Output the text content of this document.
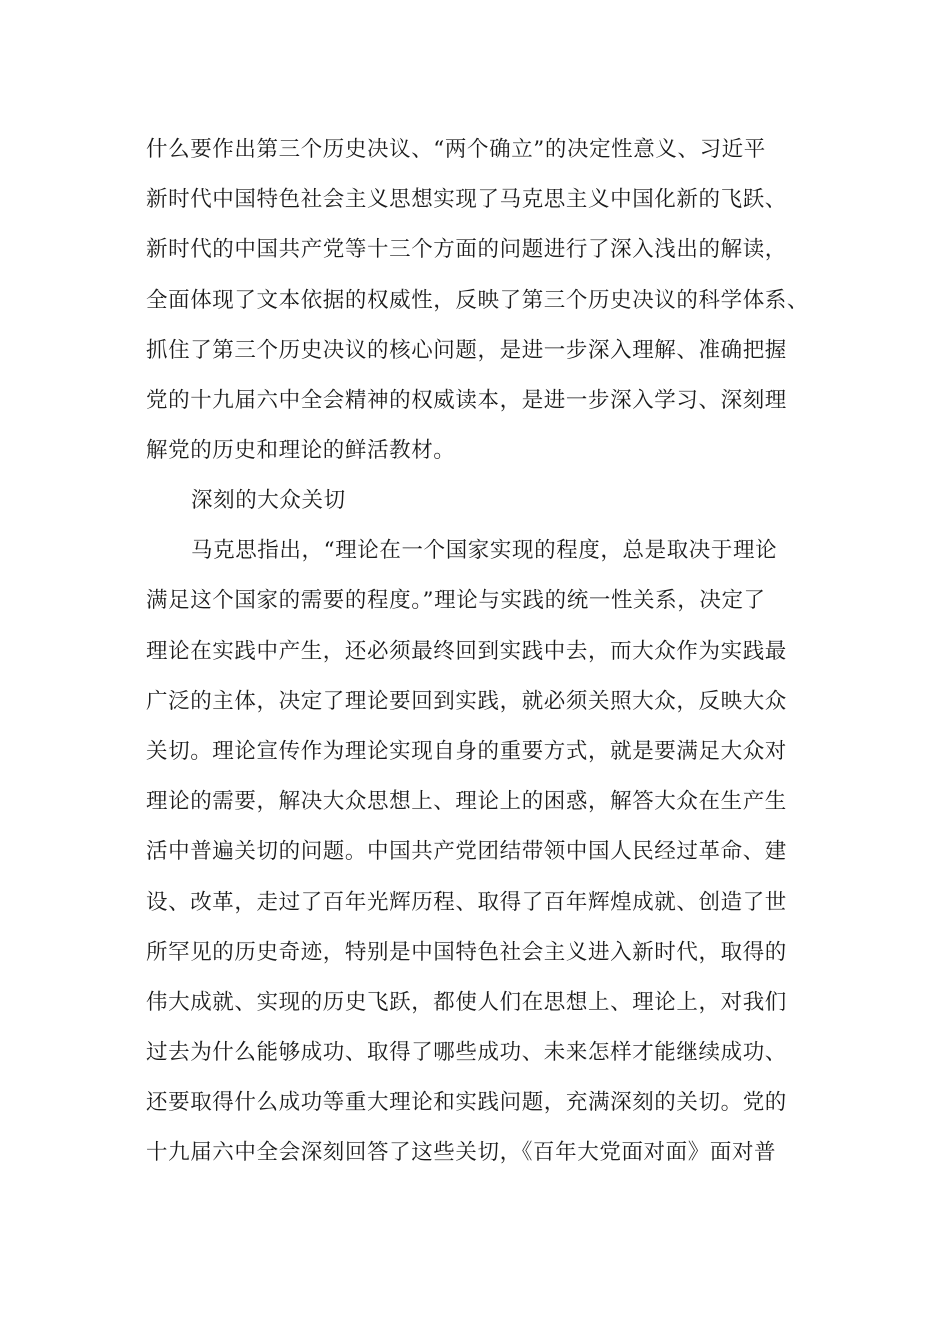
什么要作出第三个历史决议、“两个确立”的决定性意义、习近平
新时代中国特色社会主义思想实现了马克思主义中国化新的飞跃、
新时代的中国共产党等十三个方面的问题进行了深入浅出的解读，
全面体现了文本依据的权威性，反映了第三个历史决议的科学体系、
抓住了第三个历史决议的核心问题，是进一步深入理解、准确把握
党的十九届六中全会精神的权威读本，是进一步深入学习、深刻理
解党的历史和理论的鲜活教材。
深刻的大众关切
马克思指出，“理论在一个国家实现的程度，总是取决于理论
满足这个国家的需要的程度。”理论与实践的统一性关系，决定了
理论在实践中产生，还必须最终回到实践中去，而大众作为实践最
广泛的主体，决定了理论要回到实践，就必须关照大众，反映大众
关切。理论宣传作为理论实现自身的重要方式，就是要满足大众对
理论的需要，解决大众思想上、理论上的困惑，解答大众在生产生
活中普遍关切的问题。中国共产党团结带领中国人民经过革命、建
设、改革，走过了百年光辉历程、取得了百年辉煌成就、创造了世
所罕见的历史奇迹，特别是中国特色社会主义进入新时代，取得的
伟大成就、实现的历史飞跃，都使人们在思想上、理论上，对我们
过去为什么能够成功、取得了哪些成功、未来怎样才能继续成功、
还要取得什么成功等重大理论和实践问题，充满深刻的关切。党的
十九届六中全会深刻回答了这些关切，《百年大党面对面》面对普
